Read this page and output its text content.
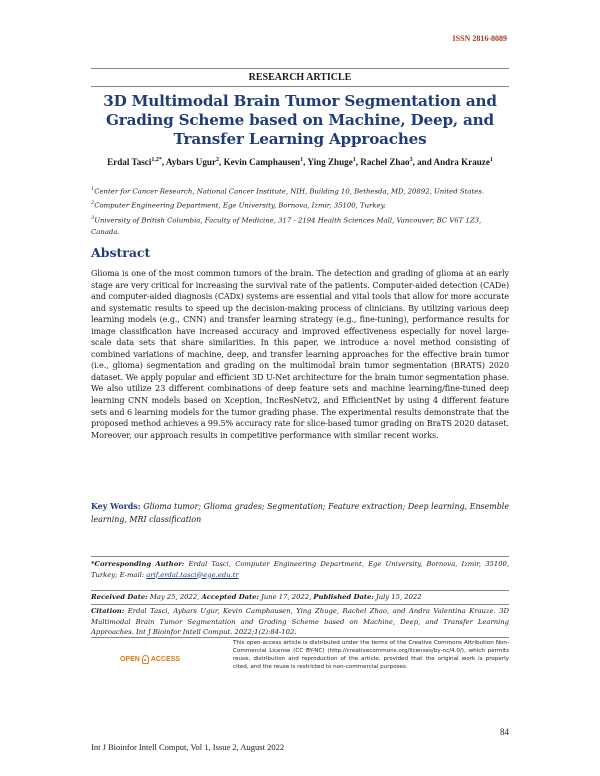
ISSN 2816-8089
RESEARCH ARTICLE
3D Multimodal Brain Tumor Segmentation and Grading Scheme based on Machine, Deep, and Transfer Learning Approaches
Erdal Tasci$^{1,2*}$, Aybars Ugur$^2$, Kevin Camphausen$^1$, Ying Zhuge$^1$, Rachel Zhao$^3$, and Andra Krauze$^1$
$^1$Center for Cancer Research, National Cancer Institute, NIH, Building 10, Bethesda, MD, 20892, United States.
$^2$Computer Engineering Department, Ege University, Bornova, Izmir, 35100, Turkey.
$^3$University of British Columbia, Faculty of Medicine, 317 - 2194 Health Sciences Mall, Vancouver, BC V6T 1Z3, Canada.
Abstract
Glioma is one of the most common tumors of the brain. The detection and grading of glioma at an early stage are very critical for increasing the survival rate of the patients. Computer-aided detection (CADe) and computer-aided diagnosis (CADx) systems are essential and vital tools that allow for more accurate and systematic results to speed up the decision-making process of clinicians. By utilizing various deep learning models (e.g., CNN) and transfer learning strategy (e.g., fine-tuning), performance results for image classification have increased accuracy and improved effectiveness especially for novel large-scale data sets that share similarities. In this paper, we introduce a novel method consisting of combined variations of machine, deep, and transfer learning approaches for the effective brain tumor (i.e., glioma) segmentation and grading on the multimodal brain tumor segmentation (BRATS) 2020 dataset. We apply popular and efficient 3D U-Net architecture for the brain tumor segmentation phase. We also utilize 23 different combinations of deep feature sets and machine learning/fine-tuned deep learning CNN models based on Xception, IncResNetv2, and EfficientNet by using 4 different feature sets and 6 learning models for the tumor grading phase. The experimental results demonstrate that the proposed method achieves a 99.5% accuracy rate for slice-based tumor grading on BraTS 2020 dataset. Moreover, our approach results in competitive performance with similar recent works.
Key Words: Glioma tumor; Glioma grades; Segmentation; Feature extraction; Deep learning, Ensemble learning, MRI classification
*Corresponding Author: Erdal Tasci, Computer Engineering Department, Ege University, Bornova, Izmir, 35100, Turkey; E-mail: arif.erdal.tasci@ege.edu.tr
Received Date: May 25, 2022, Accepted Date: June 17, 2022, Published Date: July 15, 2022
Citation: Erdal Tasci, Aybars Ugur, Kevin Camphausen, Ying Zhuge, Rachel Zhao, and Andra Valentina Krauze. 3D Multimodal Brain Tumor Segmentation and Grading Scheme based on Machine, Deep, and Transfer Learning Approaches. Int J Bioinfor Intell Comput. 2022;1(2):84-102.
OPEN ACCESS
This open-access article is distributed under the terms of the Creative Commons Attribution Non-Commercial License (CC BY-NC) (http://creativecommons.org/licenses/by-nc/4.0/), which permits reuse, distribution and reproduction of the article, provided that the original work is properly cited, and the reuse is restricted to non-commercial purposes.
84
Int J Bioinfor Intell Comput, Vol 1, Issue 2, August 2022
